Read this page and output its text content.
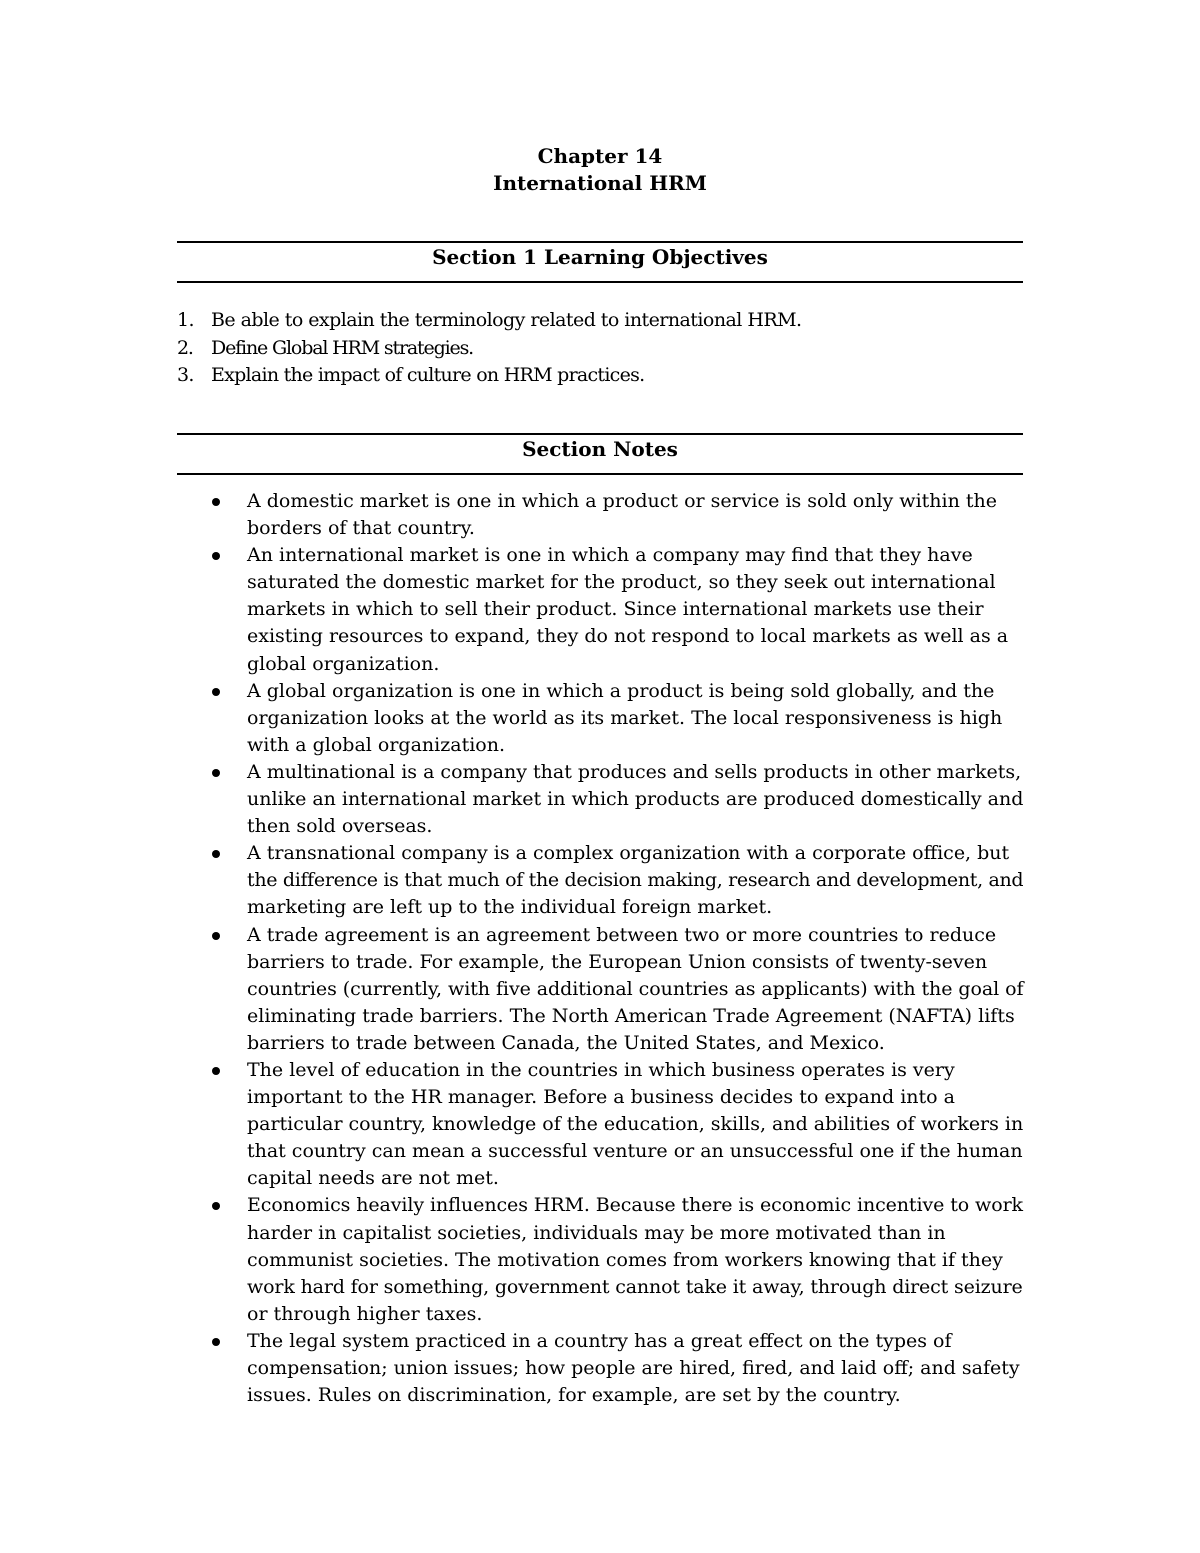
Chapter 14
International HRM
Section 1 Learning Objectives
1. Be able to explain the terminology related to international HRM.
2. Define Global HRM strategies.
3. Explain the impact of culture on HRM practices.
Section Notes
A domestic market is one in which a product or service is sold only within the
borders of that country.
An international market is one in which a company may find that they have
saturated the domestic market for the product, so they seek out international
markets in which to sell their product. Since international markets use their
existing resources to expand, they do not respond to local markets as well as a
global organization.
A global organization is one in which a product is being sold globally, and the
organization looks at the world as its market. The local responsiveness is high
with a global organization.
A multinational is a company that produces and sells products in other markets,
unlike an international market in which products are produced domestically and
then sold overseas.
A transnational company is a complex organization with a corporate office, but
the difference is that much of the decision making, research and development, and
marketing are left up to the individual foreign market.
A trade agreement is an agreement between two or more countries to reduce
barriers to trade. For example, the European Union consists of twenty-seven
countries (currently, with five additional countries as applicants) with the goal of
eliminating trade barriers. The North American Trade Agreement (NAFTA) lifts
barriers to trade between Canada, the United States, and Mexico.
The level of education in the countries in which business operates is very
important to the HR manager. Before a business decides to expand into a
particular country, knowledge of the education, skills, and abilities of workers in
that country can mean a successful venture or an unsuccessful one if the human
capital needs are not met.
Economics heavily influences HRM. Because there is economic incentive to work
harder in capitalist societies, individuals may be more motivated than in
communist societies. The motivation comes from workers knowing that if they
work hard for something, government cannot take it away, through direct seizure
or through higher taxes.
The legal system practiced in a country has a great effect on the types of
compensation; union issues; how people are hired, fired, and laid off; and safety
issues. Rules on discrimination, for example, are set by the country.
